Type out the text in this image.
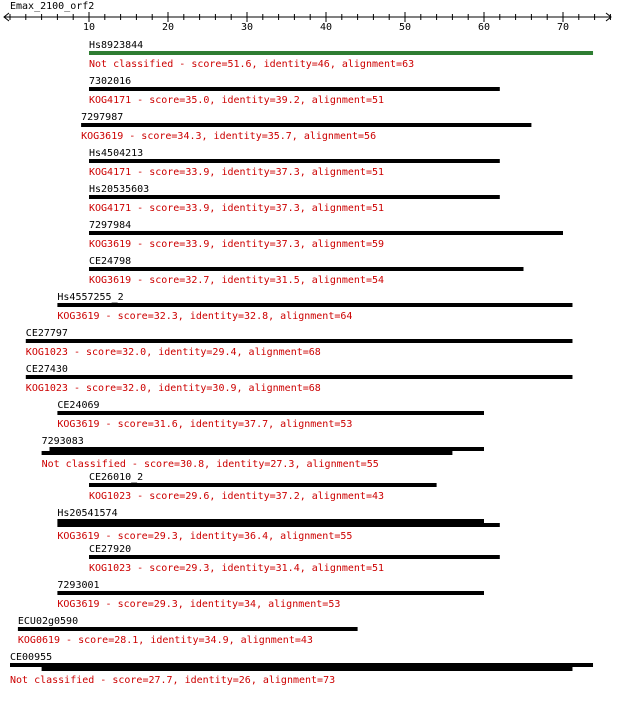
Emax_2100_orf2
10	20	30	40	50	60	70
Hs8923844
Not classified - score=51.6, identity=46, alignment=63
7302016
KOG4171 - score=35.0, identity=39.2, alignment=51
7297987
KOG3619 - score=34.3, identity=35.7, alignment=56
Hs4504213
KOG4171 - score=33.9, identity=37.3, alignment=51
Hs20535603
KOG4171 - score=33.9, identity=37.3, alignment=51
7297984
KOG3619 - score=33.9, identity=37.3, alignment=59
CE24798
KOG3619 - score=32.7, identity=31.5, alignment=54
Hs4557255_2
KOG3619 - score=32.3, identity=32.8, alignment=64
CE27797
KOG1023 - score=32.0, identity=29.4, alignment=68
CE27430
KOG1023 - score=32.0, identity=30.9, alignment=68
CE24069
KOG3619 - score=31.6, identity=37.7, alignment=53
7293083
Not classified - score=30.8, identity=27.3, alignment=55
CE26010_2
KOG1023 - score=29.6, identity=37.2, alignment=43
Hs20541574
KOG3619 - score=29.3, identity=36.4, alignment=55
CE27920
KOG1023 - score=29.3, identity=31.4, alignment=51
7293001
KOG3619 - score=29.3, identity=34, alignment=53
ECU02g0590
KOG0619 - score=28.1, identity=34.9, alignment=43
CE00955
Not classified - score=27.7, identity=26, alignment=73
